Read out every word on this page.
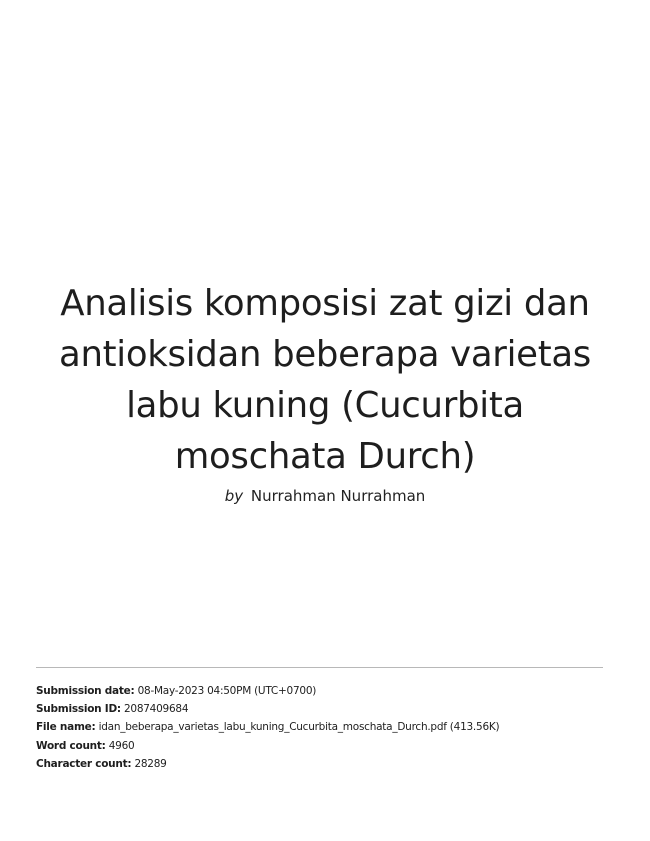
Analisis komposisi zat gizi dan antioksidan beberapa varietas labu kuning (Cucurbita moschata Durch)
by Nurrahman Nurrahman
Submission date: 08-May-2023 04:50PM (UTC+0700)
Submission ID: 2087409684
File name: idan_beberapa_varietas_labu_kuning_Cucurbita_moschata_Durch.pdf (413.56K)
Word count: 4960
Character count: 28289
